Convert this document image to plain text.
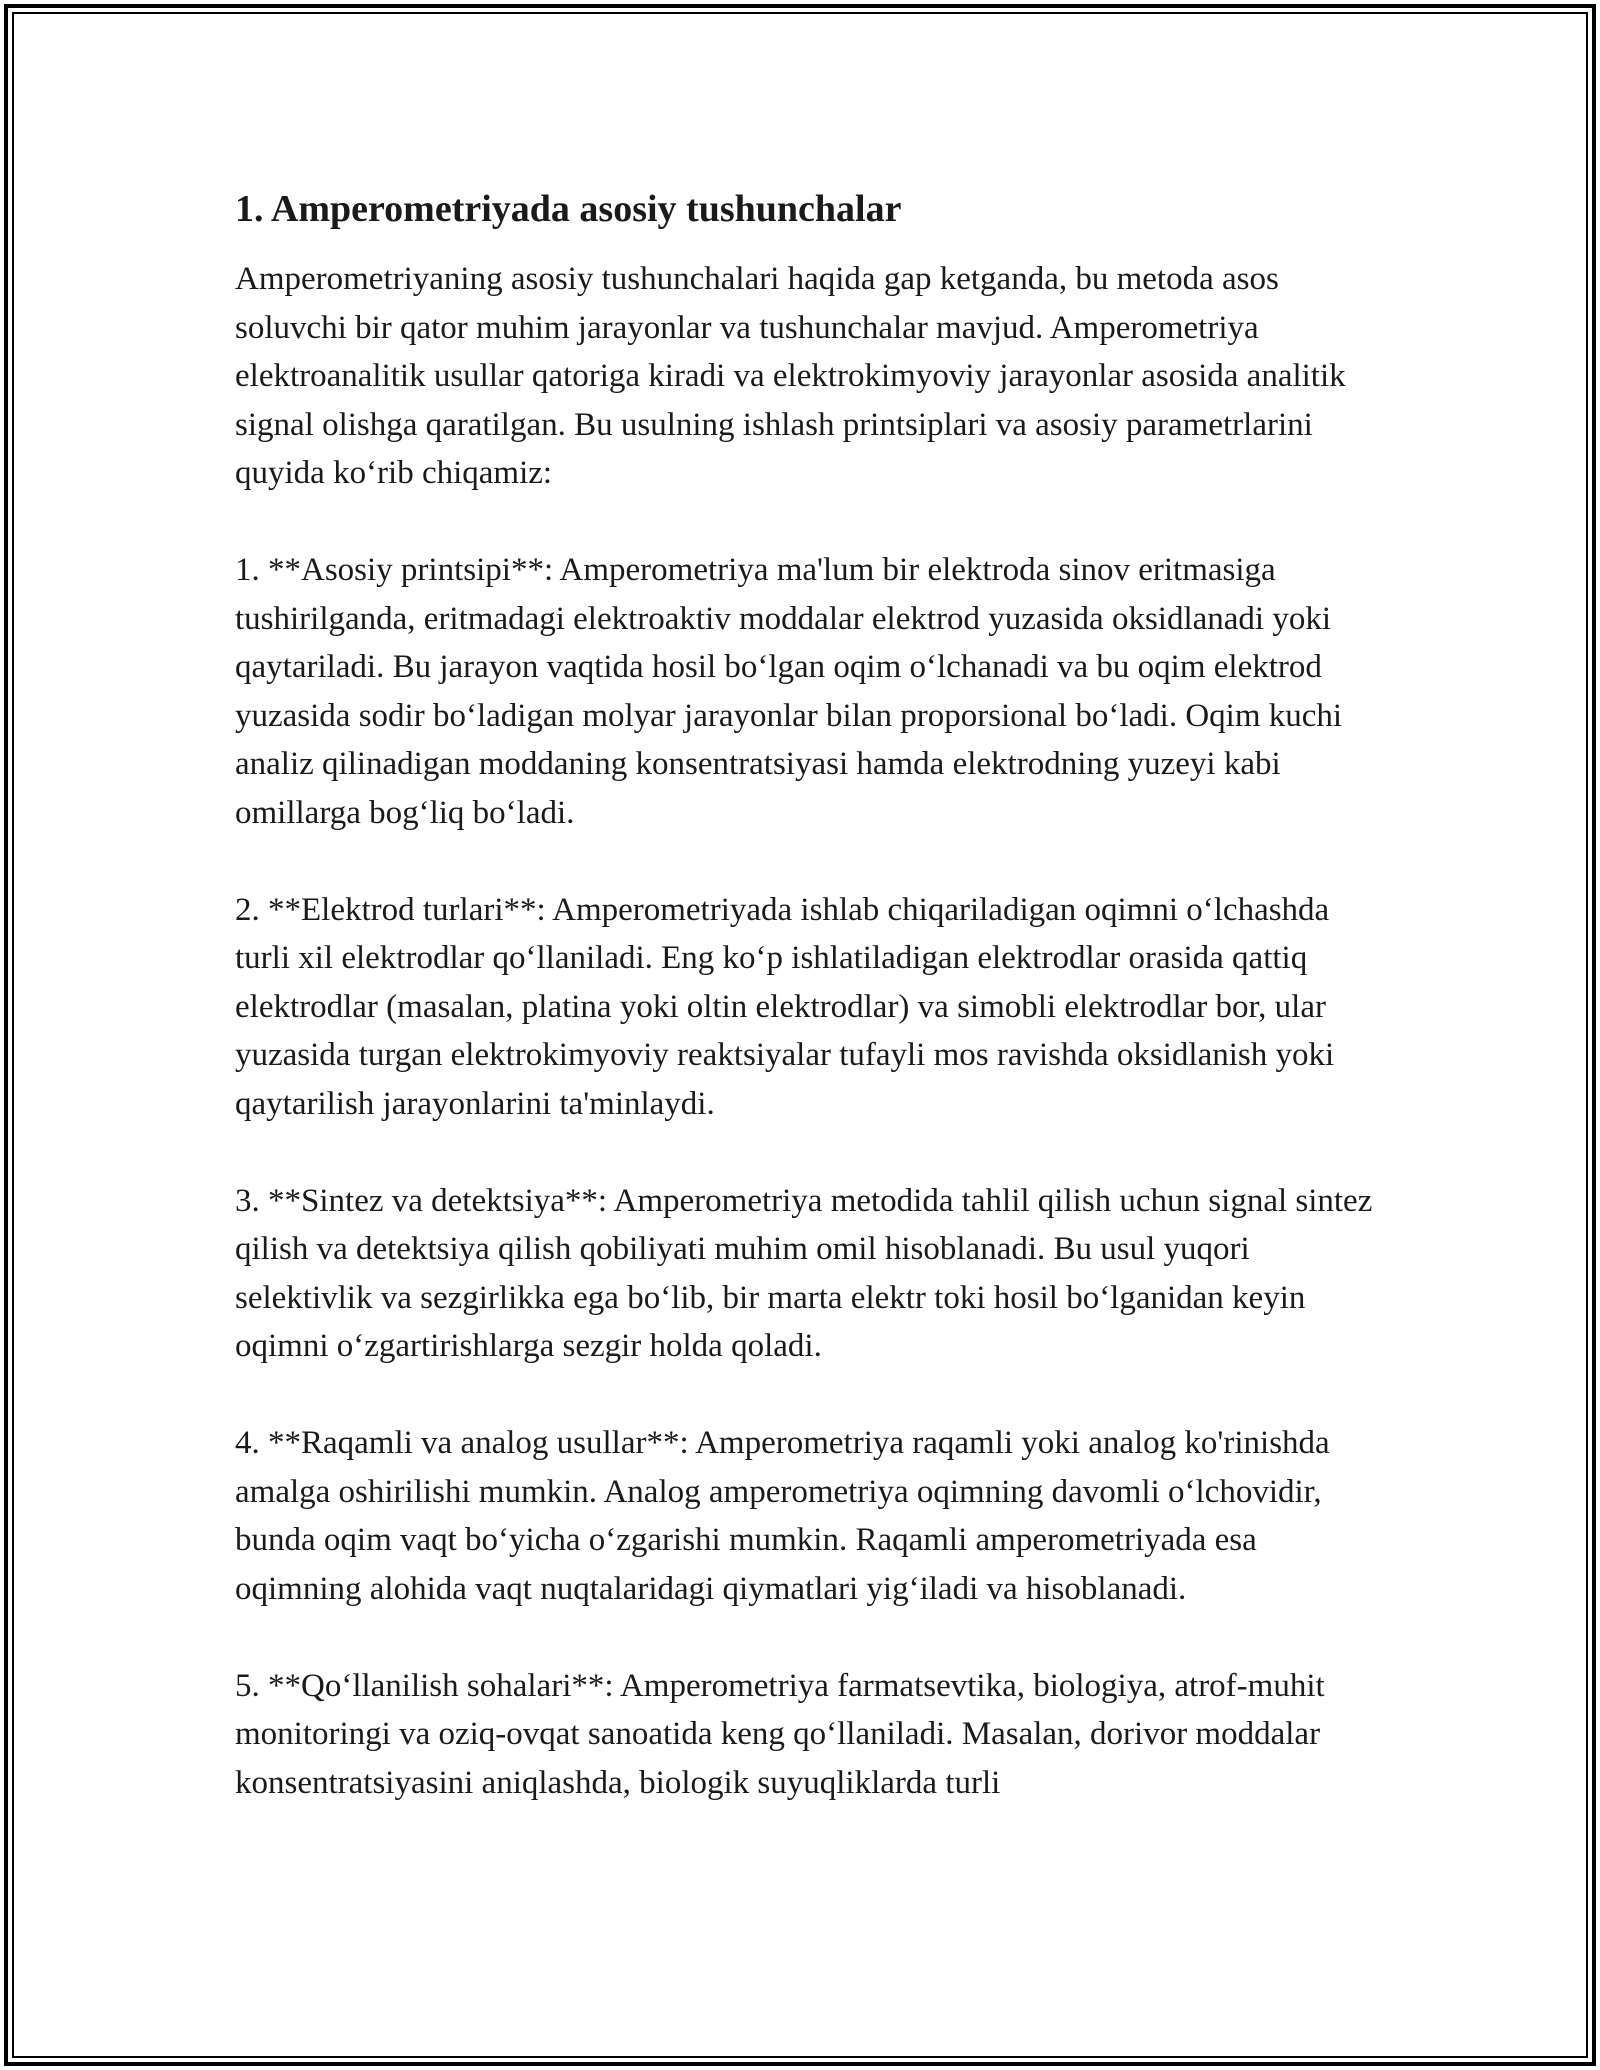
1. Amperometriyada asosiy tushunchalar

Amperometriyaning asosiy tushunchalari haqida gap ketganda, bu metoda asos soluvchi bir qator muhim jarayonlar va tushunchalar mavjud. Amperometriya elektroanalitik usullar qatoriga kiradi va elektrokimyoviy jarayonlar asosida analitik signal olishga qaratilgan. Bu usulning ishlash printsiplari va asosiy parametrlarini quyida koʻrib chiqamiz:

1. **Asosiy printsipi**: Amperometriya ma'lum bir elektroda sinov eritmasiga tushirilganda, eritmadagi elektroaktiv moddalar elektrod yuzasida oksidlanadi yoki qaytariladi. Bu jarayon vaqtida hosil boʻlgan oqim oʻlchanadi va bu oqim elektrod yuzasida sodir boʻladigan molyar jarayonlar bilan proporsional boʻladi. Oqim kuchi analiz qilinadigan moddaning konsentratsiyasi hamda elektrodning yuzeyi kabi omillarga bogʻliq boʻladi.

2. **Elektrod turlari**: Amperometriyada ishlab chiqariladigan oqimni oʻlchashda turli xil elektrodlar qoʻllaniladi. Eng koʻp ishlatiladigan elektrodlar orasida qattiq elektrodlar (masalan, platina yoki oltin elektrodlar) va simobli elektrodlar bor, ular yuzasida turgan elektrokimyoviy reaktsiyalar tufayli mos ravishda oksidlanish yoki qaytarilish jarayonlarini ta'minlaydi.

3. **Sintez va detektsiya**: Amperometriya metodida tahlil qilish uchun signal sintez qilish va detektsiya qilish qobiliyati muhim omil hisoblanadi. Bu usul yuqori selektivlik va sezgirlikka ega boʻlib, bir marta elektr toki hosil boʻlganidan keyin oqimni oʻzgartirishlarga sezgir holda qoladi.

4. **Raqamli va analog usullar**: Amperometriya raqamli yoki analog ko'rinishda amalga oshirilishi mumkin. Analog amperometriya oqimning davomli oʻlchovidir, bunda oqim vaqt boʻyicha oʻzgarishi mumkin. Raqamli amperometriyada esa oqimning alohida vaqt nuqtalaridagi qiymatlari yigʻiladi va hisoblanadi.

5. **Qoʻllanilish sohalari**: Amperometriya farmatsevtika, biologiya, atrof-muhit monitoringi va oziq-ovqat sanoatida keng qoʻllaniladi. Masalan, dorivor moddalar konsentratsiyasini aniqlashda, biologik suyuqliklarda turli
